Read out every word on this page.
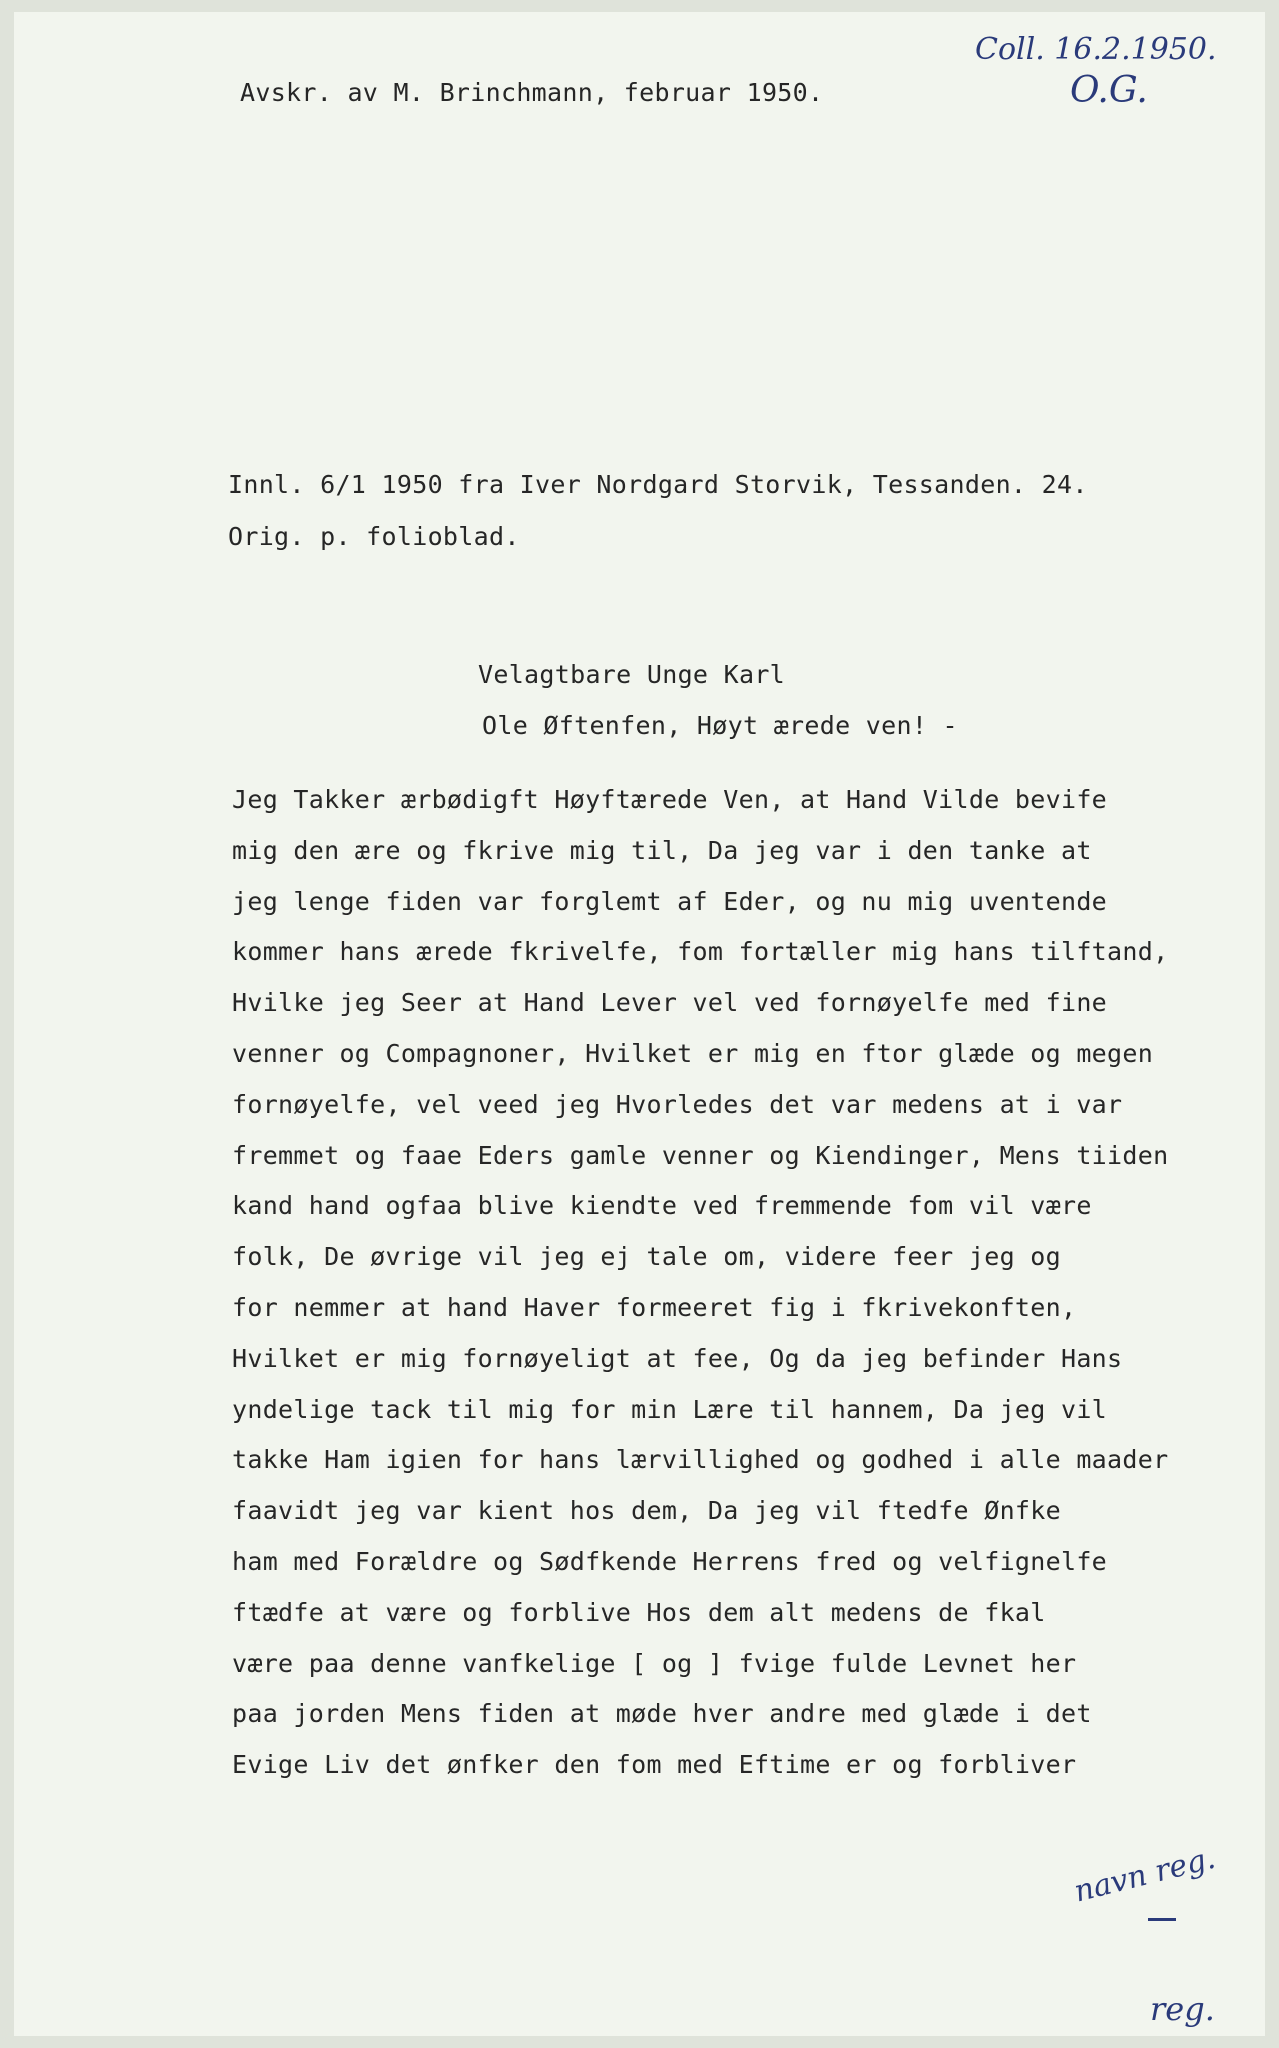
Avskr. av M. Brinchmann, februar 1950.
Coll. 16.2.1950.
O.G.
Innl. 6/1 1950 fra Iver Nordgard Storvik, Tessanden. 24.
Orig. p. folioblad.
Velagtbare Unge Karl
Ole Øftenfen, Høyt ærede ven! -
Jeg Takker ærbødigft Høyftærede Ven, at Hand Vilde bevife
mig den ære og fkrive mig til, Da jeg var i den tanke at
jeg lenge fiden var forglemt af Eder, og nu mig uventende
kommer hans ærede fkrivelfe, fom fortæller mig hans tilftand,
Hvilke jeg Seer at Hand Lever vel ved fornøyelfe med fine
venner og Compagnoner, Hvilket er mig en ftor glæde og megen
fornøyelfe, vel veed jeg Hvorledes det var medens at i var
fremmet og faae Eders gamle venner og Kiendinger, Mens tiiden
kand hand ogfaa blive kiendte ved fremmende fom vil være
folk, De øvrige vil jeg ej tale om, videre feer jeg og
for nemmer at hand Haver formeeret fig i fkrivekonften,
Hvilket er mig fornøyeligt at fee, Og da jeg befinder Hans
yndelige tack til mig for min Lære til hannem, Da jeg vil
takke Ham igien for hans lærvillighed og godhed i alle maader
faavidt jeg var kient hos dem, Da jeg vil ftedfe Ønfke
ham med Forældre og Sødfkende Herrens fred og velfignelfe
ftædfe at være og forblive Hos dem alt medens de fkal
være paa denne vanfkelige [ og ] fvige fulde Levnet her
paa jorden Mens fiden at møde hver andre med glæde i det
Evige Liv det ønfker den fom med Eftime er og forbliver
navn reg.
reg.
